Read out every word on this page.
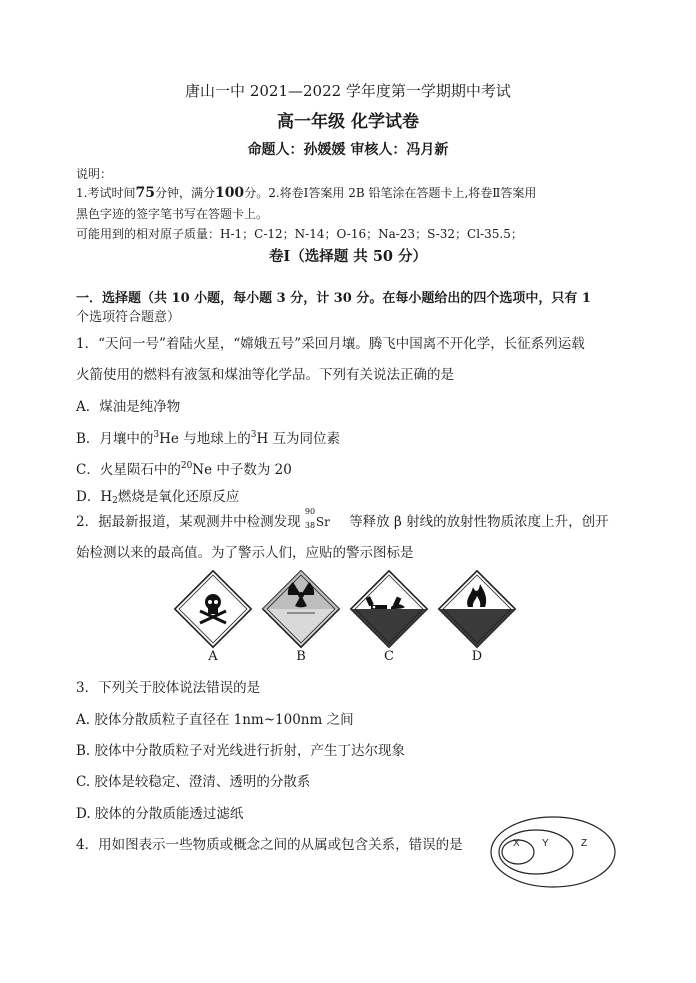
唐山一中 2021—2022 学年度第一学期期中考试
高一年级 化学试卷
命题人：孙媛媛 审核人：冯月新
说明：
1.考试时间75分钟，满分100分。2.将卷Ⅰ答案用 2B 铅笔涂在答题卡上,将卷Ⅱ答案用
黑色字迹的签字笔书写在答题卡上。
可能用到的相对原子质量：H-1；C-12；N-14；O-16；Na-23；S-32；Cl-35.5；
卷Ⅰ（选择题 共 50 分）
一．选择题（共 10 小题，每小题 3 分，计 30 分。在每小题给出的四个选项中，只有 1
个选项符合题意）
1．“天问一号”着陆火星，“嫦娥五号”采回月壤。腾飞中国离不开化学，长征系列运载
火箭使用的燃料有液氢和煤油等化学品。下列有关说法正确的是
A．煤油是纯净物
B．月壤中的$^3$He 与地球上的$^3$H 互为同位素
C．火星陨石中的$^{20}$Ne 中子数为 20
D．$H_2$燃烧是氧化还原反应
2．据最新报道，某观测井中检测发现
90
38 Sr 等释放 β 射线的放射性物质浓度上升，创开
始检测以来的最高值。为了警示人们，应贴的警示图标是
A	B	C	D
3．下列关于胶体说法错误的是
A. 胶体分散质粒子直径在 1nm~100nm 之间
B. 胶体中分散质粒子对光线进行折射，产生丁达尔现象
C. 胶体是较稳定、澄清、透明的分散系
D. 胶体的分散质能透过滤纸
4．用如图表示一些物质或概念之间的从属或包含关系，错误的是	X Y	Z
